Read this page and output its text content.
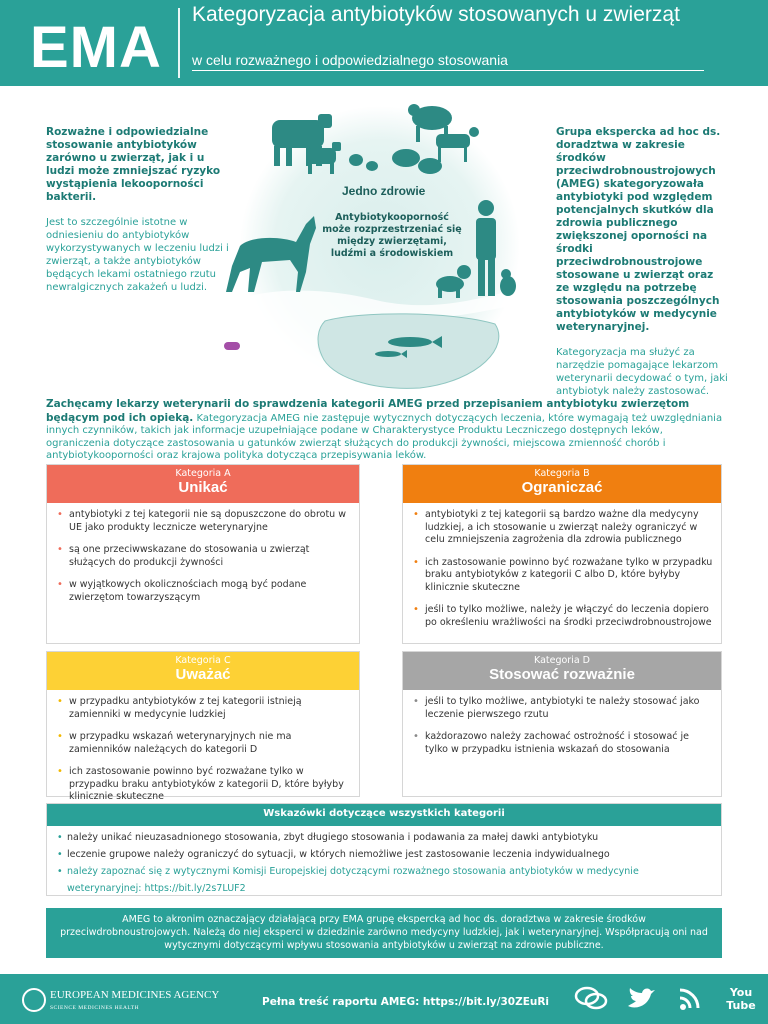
EMA
Kategoryzacja antybiotyków stosowanych u zwierząt
w celu rozważnego i odpowiedzialnego stosowania

Rozważne i odpowiedzialne stosowanie antybiotyków zarówno u zwierząt, jak i u ludzi może zmniejszać ryzyko wystąpienia lekooporności bakterii.

Jest to szczególnie istotne w odniesieniu do antybiotyków wykorzystywanych w leczeniu ludzi i zwierząt, a także antybiotyków będących lekami ostatniego rzutu newralgicznych zakażeń u ludzi.

Jedno zdrowie
Antybiotykooporność może rozprzestrzeniać się między zwierzętami, ludźmi a środowiskiem

Grupa ekspercka ad hoc ds. doradztwa w zakresie środków przeciwdrobnoustrojowych (AMEG) skategoryzowała antybiotyki pod względem potencjalnych skutków dla zdrowia publicznego zwiększonej oporności na środki przeciwdrobnoustrojowe stosowane u zwierząt oraz ze względu na potrzebę stosowania poszczególnych antybiotyków w medycynie weterynaryjnej.

Kategoryzacja ma służyć za narzędzie pomagające lekarzom weterynarii decydować o tym, jaki antybiotyk należy zastosować.

Zachęcamy lekarzy weterynarii do sprawdzenia kategorii AMEG przed przepisaniem antybiotyku zwierzętom będącym pod ich opieką. Kategoryzacja AMEG nie zastępuje wytycznych dotyczących leczenia, które wymagają też uwzględniania innych czynników, takich jak informacje uzupełniające podane w Charakterystyce Produktu Leczniczego dostępnych leków, ograniczenia dotyczące zastosowania u gatunków zwierząt służących do produkcji żywności, miejscowa zmienność chorób i antybiotykooporności oraz krajowa polityka dotycząca przepisywania leków.
Kategoria A
Unikać
• antybiotyki z tej kategorii nie są dopuszczone do obrotu w UE jako produkty lecznicze weterynaryjne
• są one przeciwwskazane do stosowania u zwierząt służących do produkcji żywności
• w wyjątkowych okolicznościach mogą być podane zwierzętom towarzyszącym
Kategoria B
Ograniczać
• antybiotyki z tej kategorii są bardzo ważne dla medycyny ludzkiej, a ich stosowanie u zwierząt należy ograniczyć w celu zmniejszenia zagrożenia dla zdrowia publicznego
• ich zastosowanie powinno być rozważane tylko w przypadku braku antybiotyków z kategorii C albo D, które byłyby klinicznie skuteczne
• jeśli to tylko możliwe, należy je włączyć do leczenia dopiero po określeniu wrażliwości na środki przeciwdrobnoustrojowe
Kategoria C
Uważać
• w przypadku antybiotyków z tej kategorii istnieją zamienniki w medycynie ludzkiej
• w przypadku wskazań weterynaryjnych nie ma zamienników należących do kategorii D
• ich zastosowanie powinno być rozważane tylko w przypadku braku antybiotyków z kategorii D, które byłyby klinicznie skuteczne
Kategoria D
Stosować rozważnie
• jeśli to tylko możliwe, antybiotyki te należy stosować jako leczenie pierwszego rzutu
• każdorazowo należy zachować ostrożność i stosować je tylko w przypadku istnienia wskazań do stosowania
Wskazówki dotyczące wszystkich kategorii
• należy unikać nieuzasadnionego stosowania, zbyt długiego stosowania i podawania za małej dawki antybiotyku
• leczenie grupowe należy ograniczyć do sytuacji, w których niemożliwe jest zastosowanie leczenia indywidualnego
• należy zapoznać się z wytycznymi Komisji Europejskiej dotyczącymi rozważnego stosowania antybiotyków w medycynie weterynaryjnej: https://bit.ly/2s7LUF2
AMEG to akronim oznaczający działającą przy EMA grupę ekspercką ad hoc ds. doradztwa w zakresie środków przeciwdrobnoustrojowych. Należą do niej eksperci w dziedzinie zarówno medycyny ludzkiej, jak i weterynaryjnej. Współpracują oni nad wytycznymi dotyczącymi wpływu stosowania antybiotyków u zwierząt na zdrowie publiczne.
EUROPEAN MEDICINES AGENCY
SCIENCE MEDICINES HEALTH	Pełna treść raportu AMEG: https://bit.ly/30ZEuRi
You Tube
